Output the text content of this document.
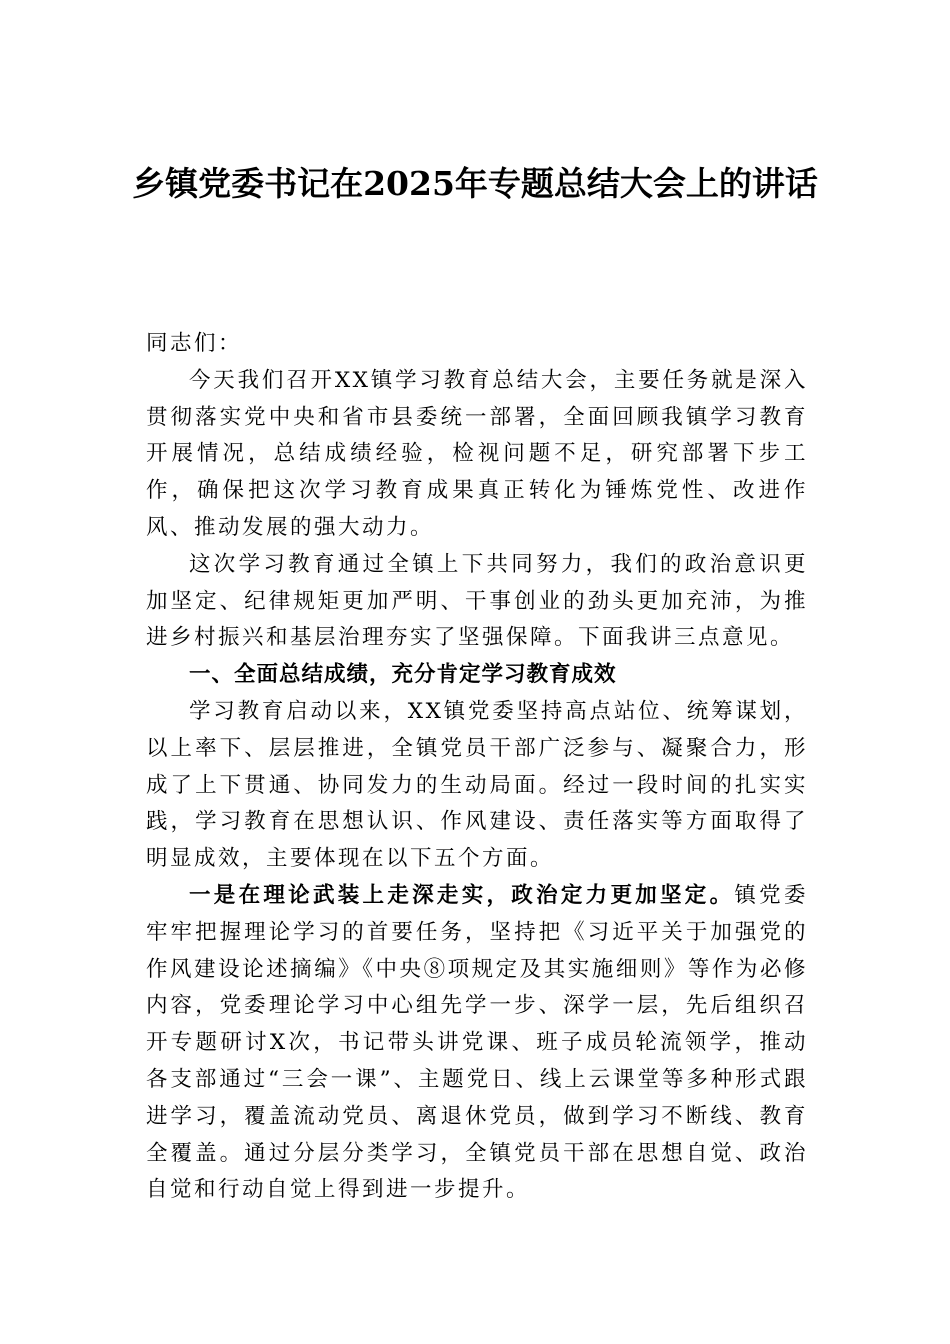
乡镇党委书记在2025年专题总结大会上的讲话

同志们：

今天我们召开XX镇学习教育总结大会，主要任务就是深入贯彻落实党中央和省市县委统一部署，全面回顾我镇学习教育开展情况，总结成绩经验，检视问题不足，研究部署下步工作，确保把这次学习教育成果真正转化为锤炼党性、改进作风、推动发展的强大动力。

这次学习教育通过全镇上下共同努力，我们的政治意识更加坚定、纪律规矩更加严明、干事创业的劲头更加充沛，为推进乡村振兴和基层治理夯实了坚强保障。下面我讲三点意见。

一、全面总结成绩，充分肯定学习教育成效

学习教育启动以来，XX镇党委坚持高点站位、统筹谋划，以上率下、层层推进，全镇党员干部广泛参与、凝聚合力，形成了上下贯通、协同发力的生动局面。经过一段时间的扎实实践，学习教育在思想认识、作风建设、责任落实等方面取得了明显成效，主要体现在以下五个方面。

一是在理论武装上走深走实，政治定力更加坚定。镇党委牢牢把握理论学习的首要任务，坚持把《习近平关于加强党的作风建设论述摘编》《中央⑧项规定及其实施细则》等作为必修内容，党委理论学习中心组先学一步、深学一层，先后组织召开专题研讨X次，书记带头讲党课、班子成员轮流领学，推动各支部通过“三会一课”、主题党日、线上云课堂等多种形式跟进学习，覆盖流动党员、离退休党员，做到学习不断线、教育全覆盖。通过分层分类学习，全镇党员干部在思想自觉、政治自觉和行动自觉上得到进一步提升。
